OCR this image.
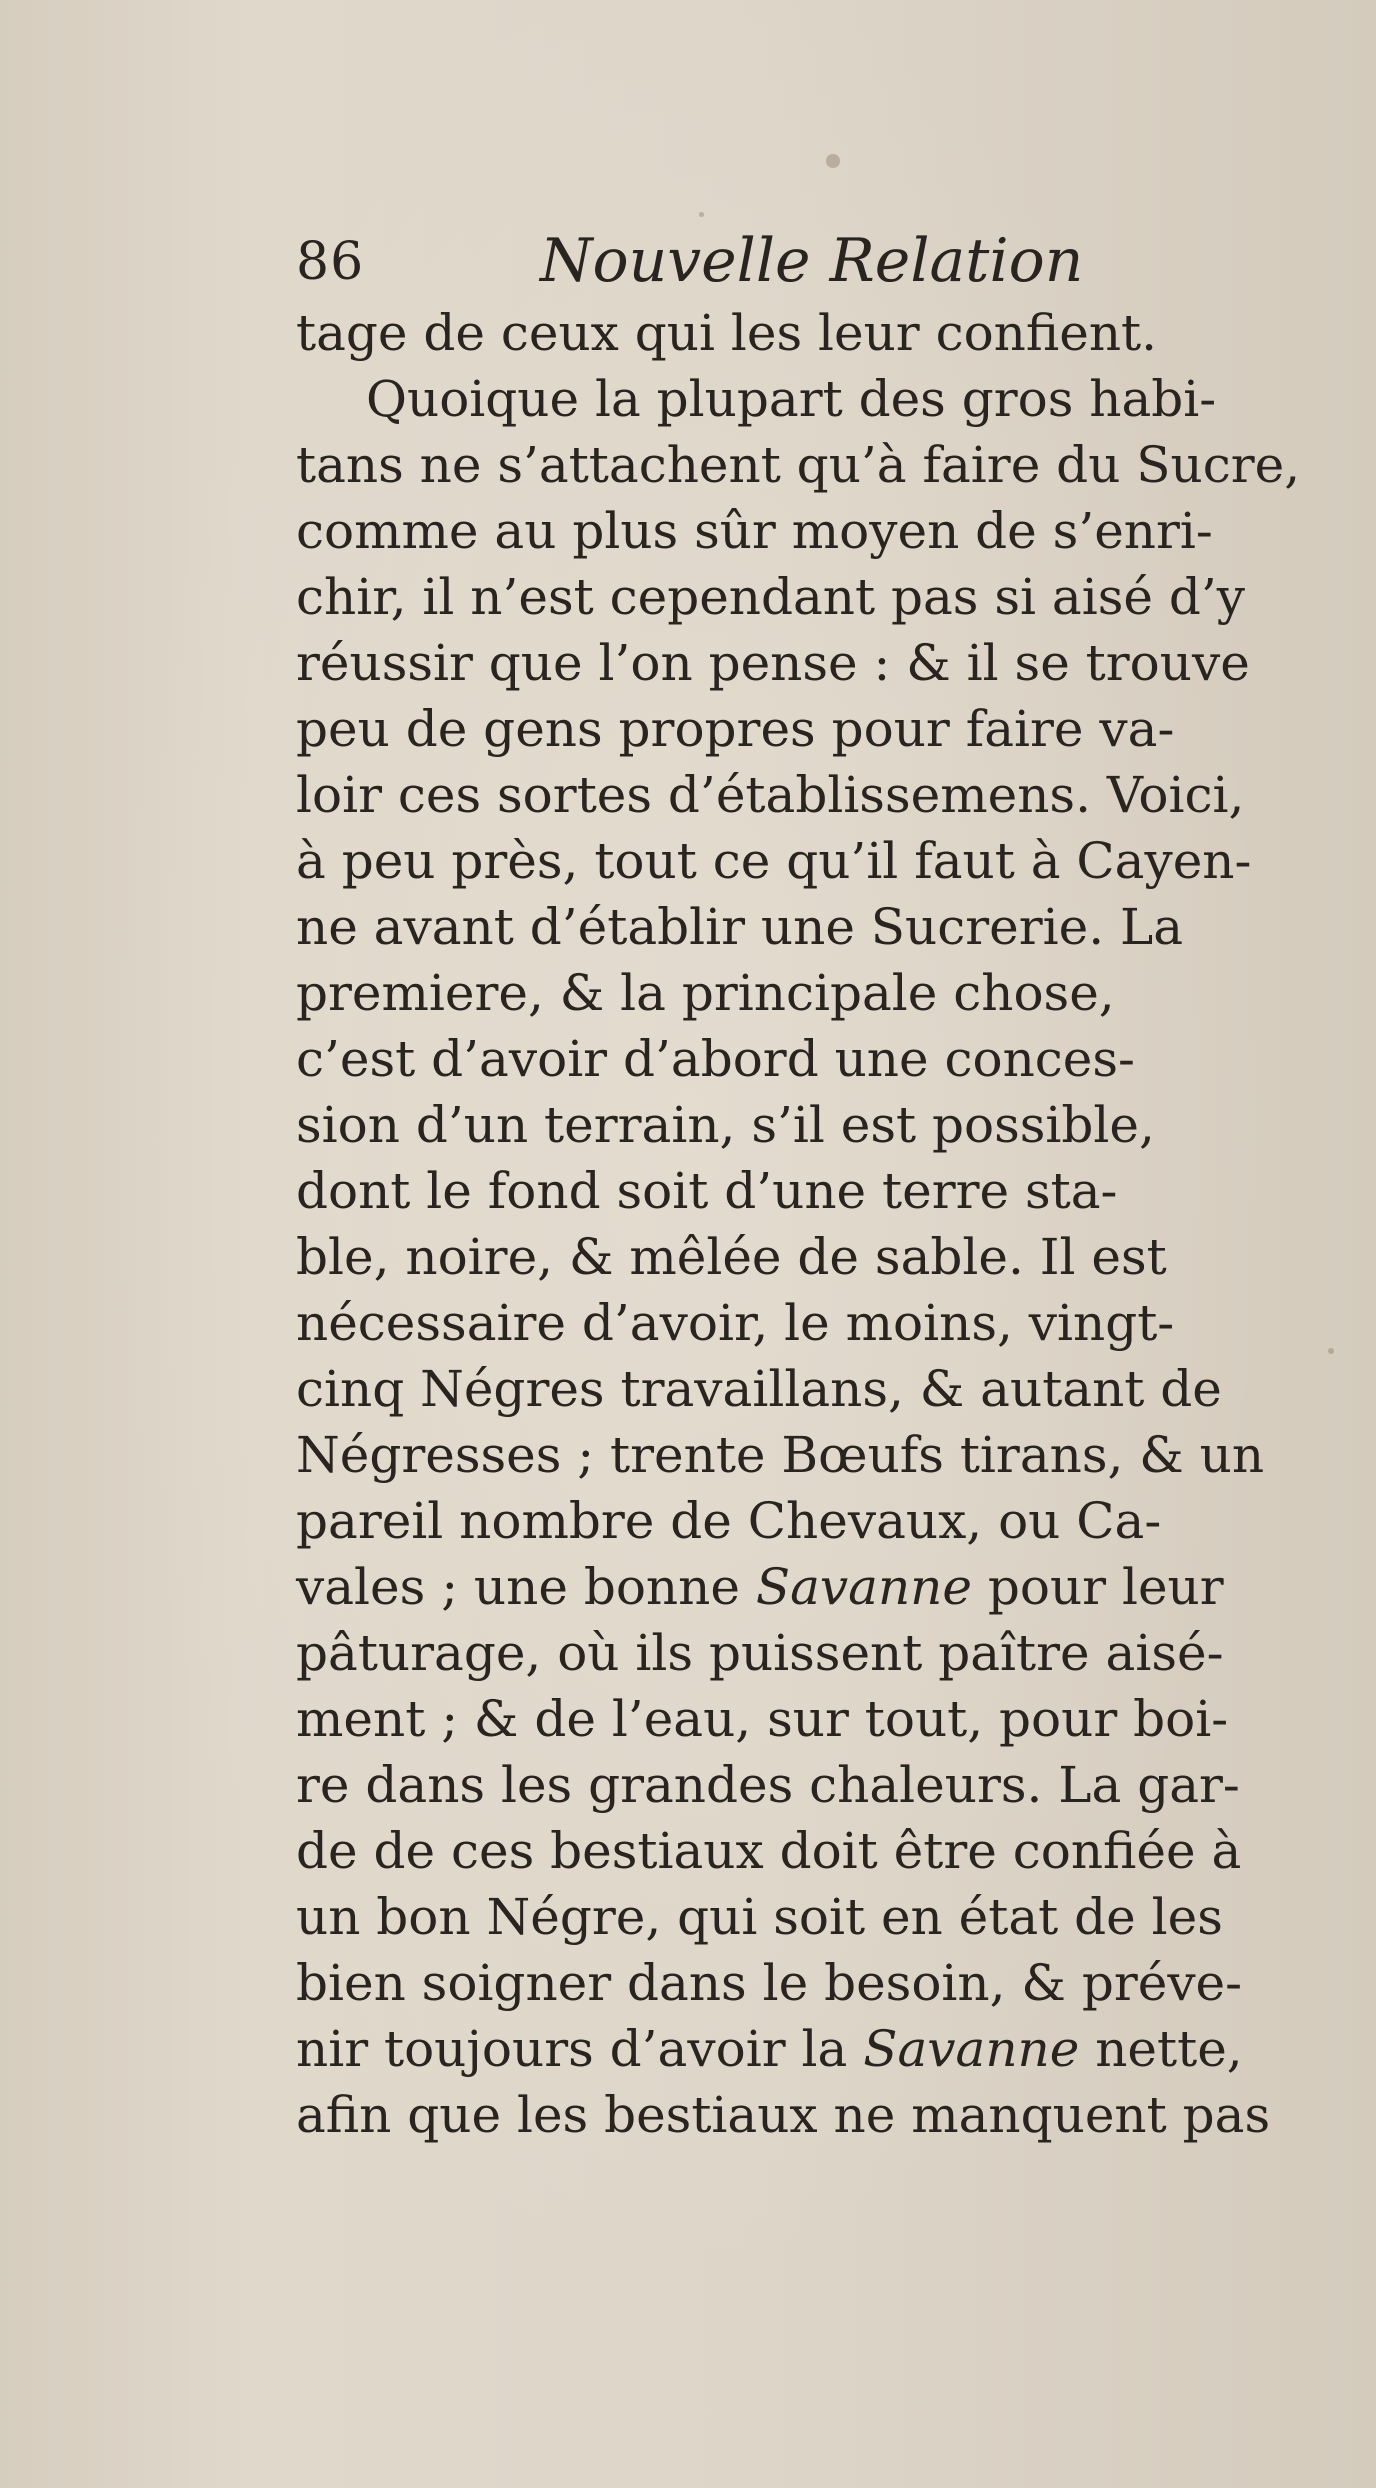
86	Nouvelle Relation
tage de ceux qui les leur confient.
Quoique la plupart des gros habi-
tans ne s’attachent qu’à faire du Sucre,
comme au plus sûr moyen de s’enri-
chir, il n’est cependant pas si aisé d’y
réussir que l’on pense : & il se trouve
peu de gens propres pour faire va-
loir ces sortes d’établissemens. Voici,
à peu près, tout ce qu’il faut à Cayen-
ne avant d’établir une Sucrerie. La
premiere, & la principale chose,
c’est d’avoir d’abord une conces-
sion d’un terrain, s’il est possible,
dont le fond soit d’une terre sta-
ble, noire, & mêlée de sable. Il est
nécessaire d’avoir, le moins, vingt-
cinq Négres travaillans, & autant de
Négresses ; trente Bœufs tirans, & un
pareil nombre de Chevaux, ou Ca-
vales ; une bonne Savanne pour leur
pâturage, où ils puissent paître aisé-
ment ; & de l’eau, sur tout, pour boi-
re dans les grandes chaleurs. La gar-
de de ces bestiaux doit être confiée à
un bon Négre, qui soit en état de les
bien soigner dans le besoin, & préve-
nir toujours d’avoir la Savanne nette,
afin que les bestiaux ne manquent pas
